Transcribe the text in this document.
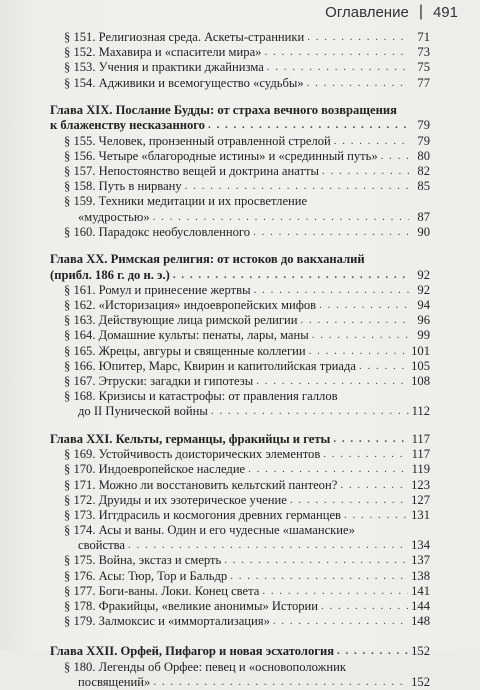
Оглавление | 491
§ 151. Религиозная среда. Аскеты-странники . . .	71
§ 152. Махавира и «спасители мира» . . .	73
§ 153. Учения и практики джайнизма . . .	75
§ 154. Адживики и всемогущество «судьбы» . . .	77
Глава XIX. Послание Будды: от страха вечного возвращения
к блаженству несказанного . . .	79
§ 155. Человек, пронзенный отравленной стрелой . . .	79
§ 156. Четыре «благородные истины» и «срединный путь» . . .	80
§ 157. Непостоянство вещей и доктрина анатты . . .	82
§ 158. Путь в нирвану . . .	85
§ 159. Техники медитации и их просветление
«мудростью» . . .	87
§ 160. Парадокс необусловленного . . .	90
Глава XX. Римская религия: от истоков до вакханалий
(прибл. 186 г. до н. э.) . . .	92
§ 161. Ромул и принесение жертвы . . .	92
§ 162. «Историзация» индоевропейских мифов . . .	94
§ 163. Действующие лица римской религии . . .	96
§ 164. Домашние культы: пенаты, лары, маны . . .	99
§ 165. Жрецы, авгуры и священные коллегии . . .	101
§ 166. Юпитер, Марс, Квирин и капитолийская триада . . .	105
§ 167. Этруски: загадки и гипотезы . . .	108
§ 168. Кризисы и катастрофы: от правления галлов
до II Пунической войны . . .	112
Глава XXI. Кельты, германцы, фракийцы и геты . . .	117
§ 169. Устойчивость доисторических элементов . . .	117
§ 170. Индоевропейское наследие . . .	119
§ 171. Можно ли восстановить кельтский пантеон? . . .	123
§ 172. Друиды и их эзотерическое учение . . .	127
§ 173. Иггдрасиль и космогония древних германцев . . .	131
§ 174. Асы и ваны. Один и его чудесные «шаманские»
свойства . . .	134
§ 175. Война, экстаз и смерть . . .	137
§ 176. Асы: Тюр, Тор и Бальдр . . .	138
§ 177. Боги-ваны. Локи. Конец света . . .	141
§ 178. Фракийцы, «великие анонимы» Истории . . .	144
§ 179. Залмоксис и «иммортализация» . . .	148
Глава XXII. Орфей, Пифагор и новая эсхатология . . .	152
§ 180. Легенды об Орфее: певец и «основоположник
посвящений» . . .	152
